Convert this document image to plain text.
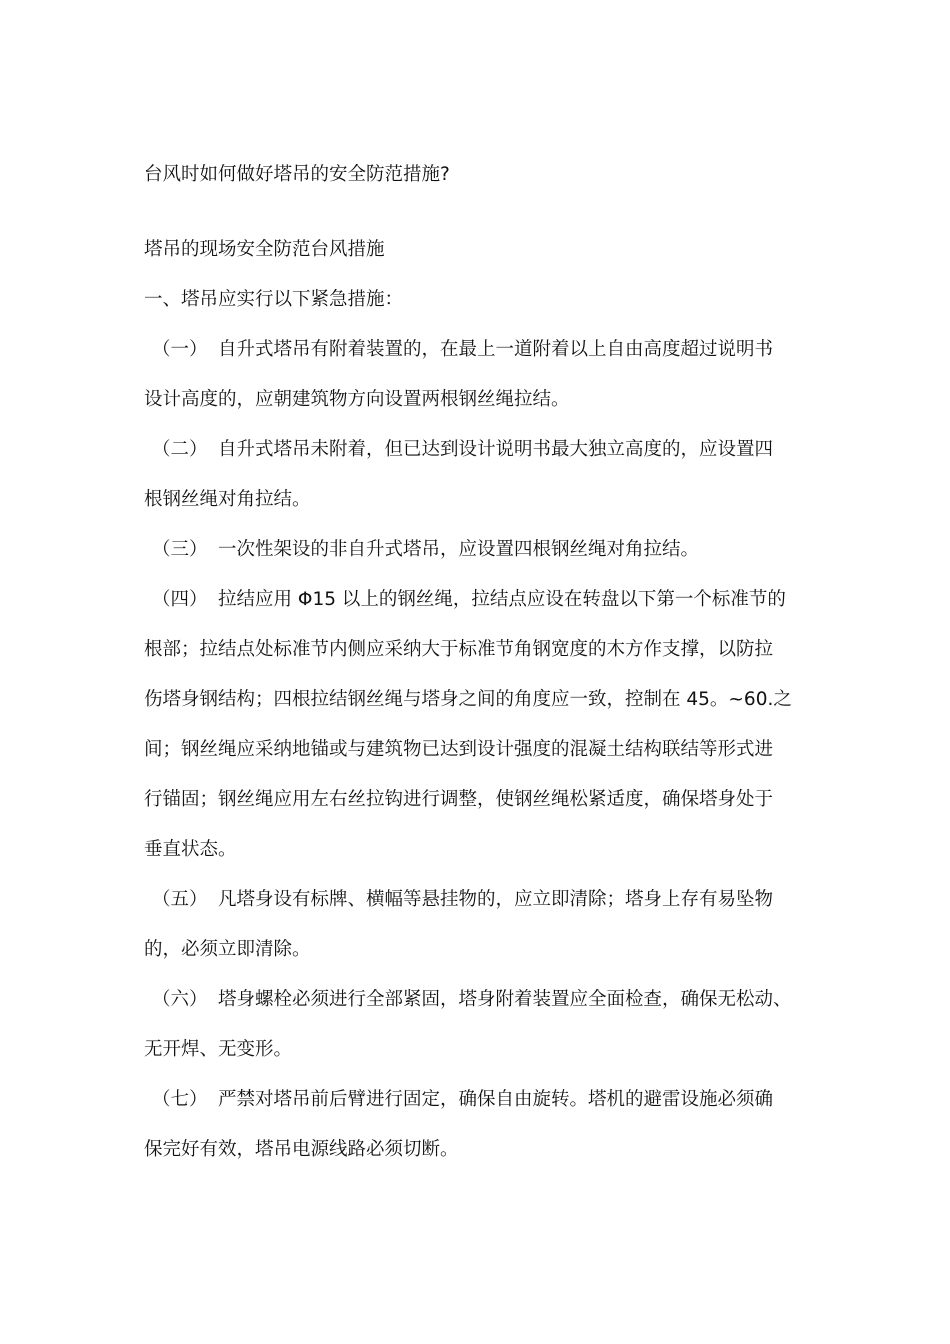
台风时如何做好塔吊的安全防范措施?
塔吊的现场安全防范台风措施
一、塔吊应实行以下紧急措施：
（一） 自升式塔吊有附着装置的，在最上一道附着以上自由高度超过说明书
设计高度的，应朝建筑物方向设置两根钢丝绳拉结。
（二） 自升式塔吊未附着，但已达到设计说明书最大独立高度的，应设置四
根钢丝绳对角拉结。
（三） 一次性架设的非自升式塔吊，应设置四根钢丝绳对角拉结。
（四） 拉结应用 Φ15 以上的钢丝绳，拉结点应设在转盘以下第一个标准节的
根部；拉结点处标准节内侧应采纳大于标准节角钢宽度的木方作支撑，以防拉
伤塔身钢结构；四根拉结钢丝绳与塔身之间的角度应一致，控制在 45。~60.之
间；钢丝绳应采纳地锚或与建筑物已达到设计强度的混凝土结构联结等形式进
行锚固；钢丝绳应用左右丝拉钩进行调整，使钢丝绳松紧适度，确保塔身处于
垂直状态。
（五） 凡塔身设有标牌、横幅等悬挂物的，应立即清除；塔身上存有易坠物
的，必须立即清除。
（六） 塔身螺栓必须进行全部紧固，塔身附着装置应全面检查，确保无松动、
无开焊、无变形。
（七） 严禁对塔吊前后臂进行固定，确保自由旋转。塔机的避雷设施必须确
保完好有效，塔吊电源线路必须切断。
